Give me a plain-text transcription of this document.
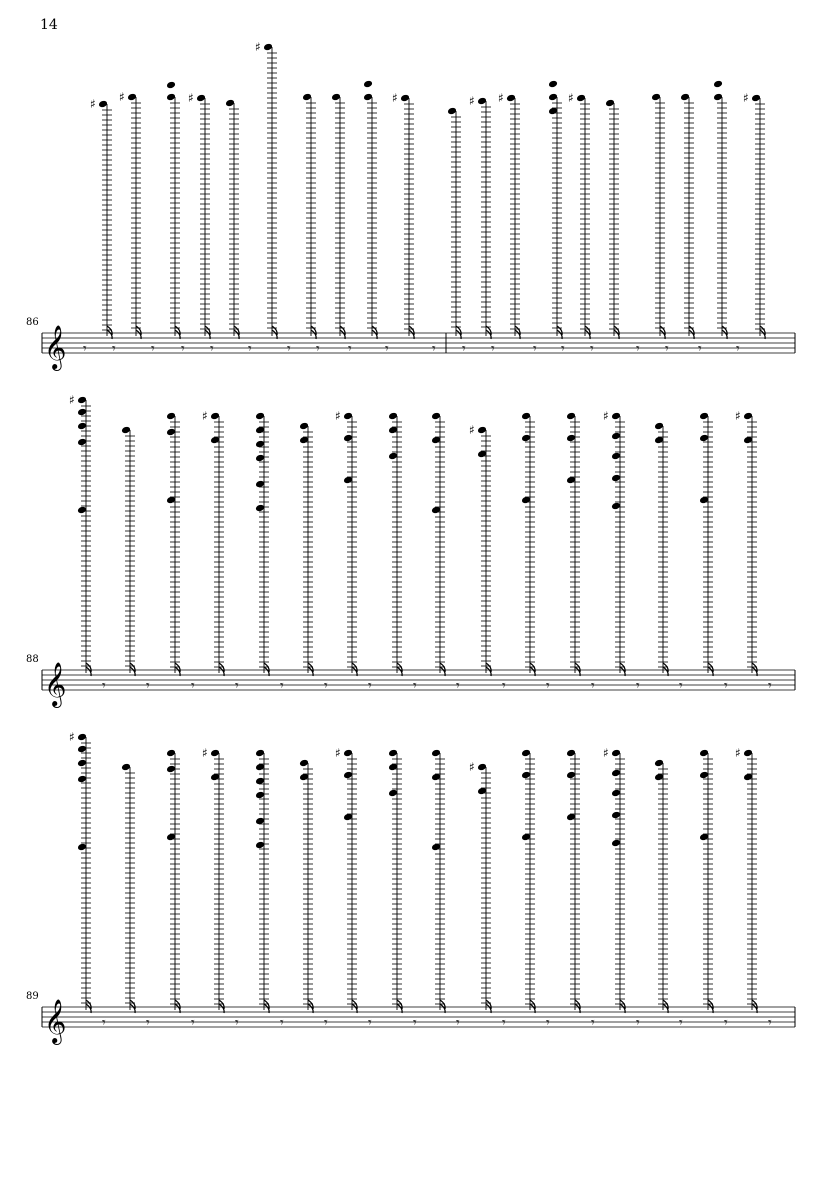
14
86
88
89
𝄞
♯
𝄾
♯
𝄾	𝄾
♯
𝄾 𝄾
♯
𝄾	𝄾 𝄾 𝄾
♯
𝄾	𝄾
♯
𝄾
♯
𝄾	𝄾
♯
𝄾 𝄾	𝄾 𝄾 𝄾
♯
𝄾
𝄞
♯
𝄾	𝄾	𝄾
♯
𝄾	𝄾	𝄾
♯
𝄾	𝄾	𝄾
♯
𝄾	𝄾	𝄾
♯
𝄾	𝄾	𝄾
♯
𝄾
𝄞
♯
𝄾	𝄾	𝄾
♯
𝄾	𝄾	𝄾
♯
𝄾	𝄾	𝄾
♯
𝄾	𝄾	𝄾
♯
𝄾	𝄾	𝄾
♯
𝄾
